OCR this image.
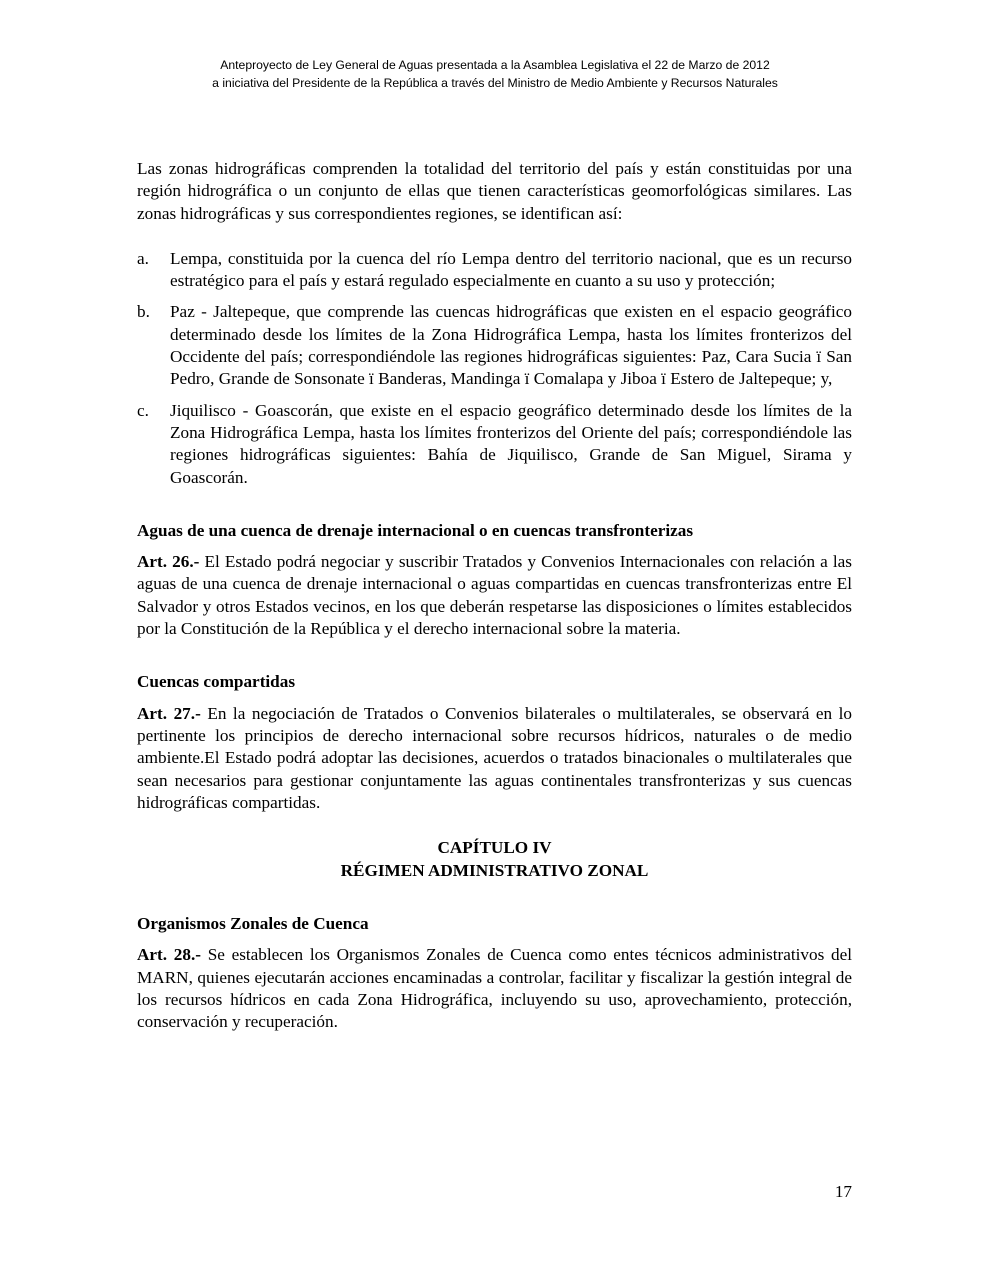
Anteproyecto de Ley General de Aguas presentada a la Asamblea Legislativa el 22 de Marzo de 2012
a iniciativa del Presidente de la República a través del Ministro de Medio Ambiente y Recursos Naturales

Las zonas hidrográficas comprenden la totalidad del territorio del país y están constituidas por una región hidrográfica o un conjunto de ellas que tienen características geomorfológicas similares. Las zonas hidrográficas y sus correspondientes regiones, se identifican así:

a. Lempa, constituida por la cuenca del río Lempa dentro del territorio nacional, que es un recurso estratégico para el país y estará regulado especialmente en cuanto a su uso y protección;
b. Paz - Jaltepeque, que comprende las cuencas hidrográficas que existen en el espacio geográfico determinado desde los límites de la Zona Hidrográfica Lempa, hasta los límites fronterizos del Occidente del país; correspondiéndole las regiones hidrográficas siguientes: Paz, Cara Sucia ï San Pedro, Grande de Sonsonate ï Banderas, Mandinga ï Comalapa y Jiboa ï Estero de Jaltepeque; y,
c. Jiquilisco - Goascorán, que existe en el espacio geográfico determinado desde los límites de la Zona Hidrográfica Lempa, hasta los límites fronterizos del Oriente del país; correspondiéndole las regiones hidrográficas siguientes: Bahía de Jiquilisco, Grande de San Miguel, Sirama y Goascorán.
Aguas de una cuenca de drenaje internacional o en cuencas transfronterizas

Art. 26.- El Estado podrá negociar y suscribir Tratados y Convenios Internacionales con relación a las aguas de una cuenca de drenaje internacional o aguas compartidas en cuencas transfronterizas entre El Salvador y otros Estados vecinos, en los que deberán respetarse las disposiciones o límites establecidos por la Constitución de la República y el derecho internacional sobre la materia.

Cuencas compartidas

Art. 27.- En la negociación de Tratados o Convenios bilaterales o multilaterales, se observará en lo pertinente los principios de derecho internacional sobre recursos hídricos, naturales o de medio ambiente.El Estado podrá adoptar las decisiones, acuerdos o tratados binacionales o multilaterales que sean necesarios para gestionar conjuntamente las aguas continentales transfronterizas y sus cuencas hidrográficas compartidas.

CAPÍTULO IV
RÉGIMEN ADMINISTRATIVO ZONAL
Organismos Zonales de Cuenca

Art. 28.- Se establecen los Organismos Zonales de Cuenca como entes técnicos administrativos del MARN, quienes ejecutarán acciones encaminadas a controlar, facilitar y fiscalizar la gestión integral de los recursos hídricos en cada Zona Hidrográfica, incluyendo su uso, aprovechamiento, protección, conservación y recuperación.

17
